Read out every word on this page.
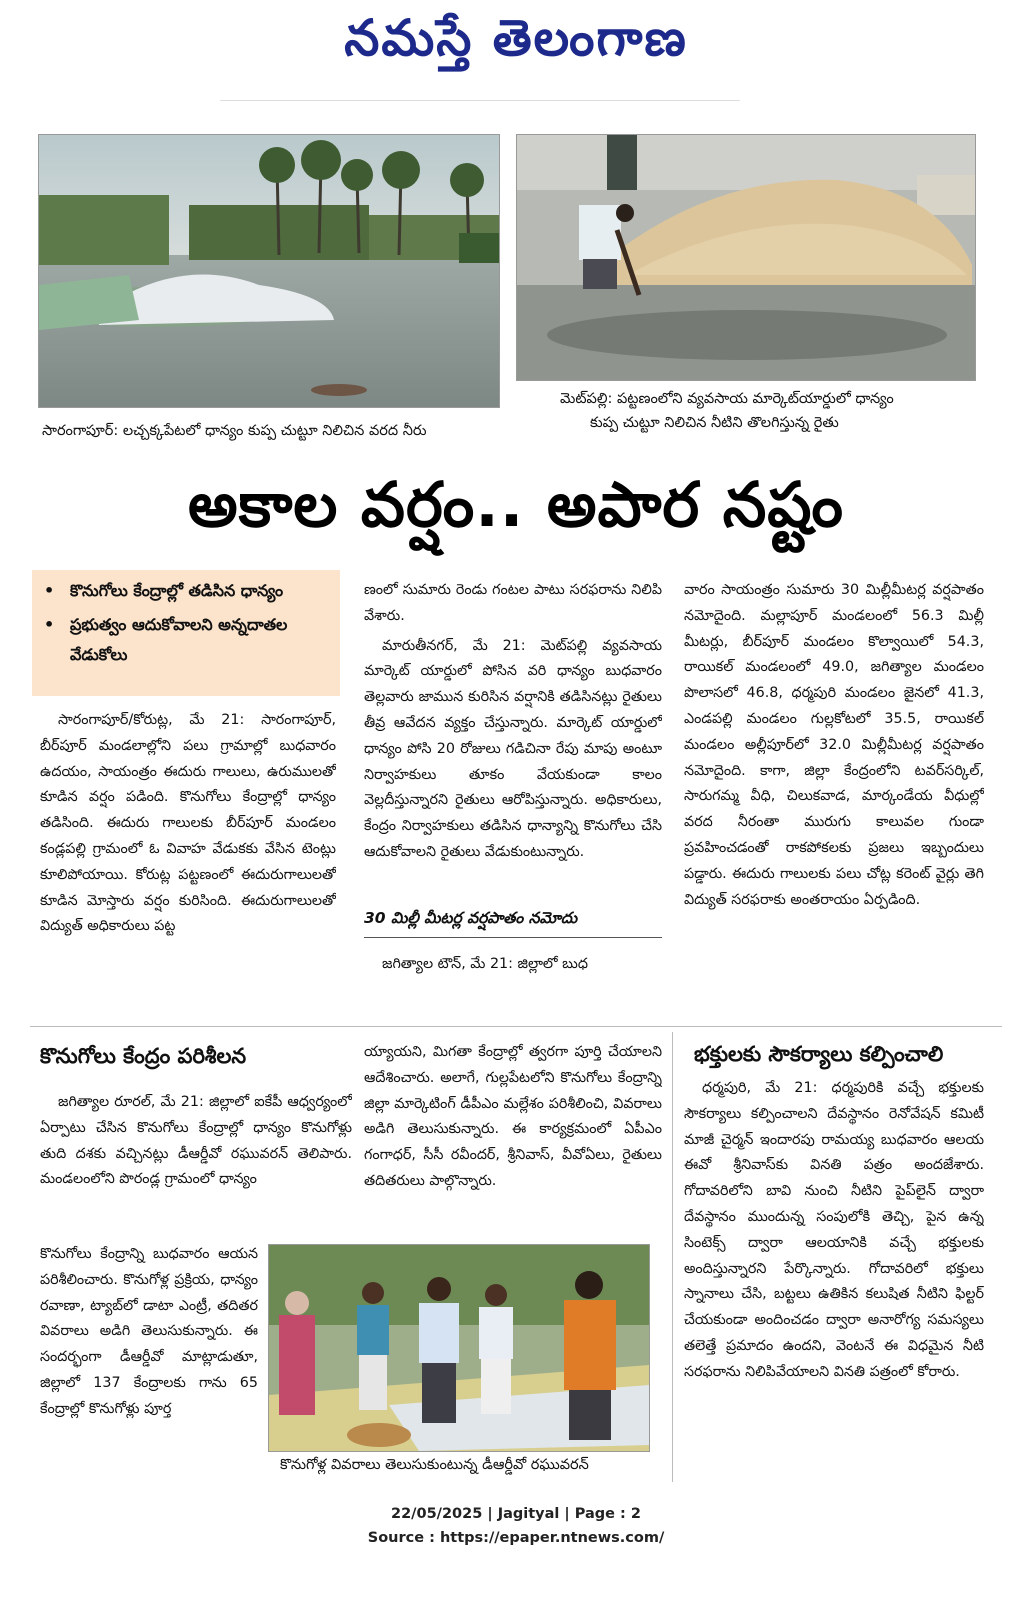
నమస్తే తెలంగాణ
సారంగాపూర్: లచ్చక్కపేటలో ధాన్యం కుప్ప చుట్టూ నిలిచిన వరద నీరు
మెట్‌పల్లి: పట్టణంలోని వ్యవసాయ మార్కెట్‌యార్డులో ధాన్యం
కుప్ప చుట్టూ నిలిచిన నీటిని తొలగిస్తున్న రైతు
అకాల వర్షం.. అపార నష్టం
• కొనుగోలు కేంద్రాల్లో తడిసిన ధాన్యం
• ప్రభుత్వం ఆదుకోవాలని అన్నదాతల వేడుకోలు

సారంగాపూర్/కోరుట్ల, మే 21: సారంగాపూర్, బీర్‌పూర్ మండలాల్లోని పలు గ్రామాల్లో బుధవారం ఉదయం, సాయంత్రం ఈదురు గాలులు, ఉరుములతో కూడిన వర్షం పడింది. కొనుగోలు కేంద్రాల్లో ధాన్యం తడిసింది. ఈదురు గాలులకు బీర్‌పూర్ మండలం కండ్లపల్లి గ్రామంలో ఓ వివాహ వేడుకకు వేసిన టెంట్లు కూలిపోయాయి. కోరుట్ల పట్టణంలో ఈదురుగాలులతో కూడిన మోస్తారు వర్షం కురిసింది. ఈదురుగాలులతో విద్యుత్ అధికారులు పట్ట

ణంలో సుమారు రెండు గంటల పాటు సరఫరాను నిలిపి వేశారు.

మారుతీనగర్, మే 21: మెట్‌పల్లి వ్యవసాయ మార్కెట్ యార్డులో పోసిన వరి ధాన్యం బుధవారం తెల్లవారు జామున కురిసిన వర్షానికి తడిసినట్లు రైతులు తీవ్ర ఆవేదన వ్యక్తం చేస్తున్నారు. మార్కెట్ యార్డులో ధాన్యం పోసి 20 రోజులు గడిచినా రేపు మాపు అంటూ నిర్వాహకులు తూకం వేయకుండా కాలం వెల్లదీస్తున్నారని రైతులు ఆరోపిస్తున్నారు. అధికారులు, కేంద్రం నిర్వాహకులు తడిసిన ధాన్యాన్ని కొనుగోలు చేసి ఆదుకోవాలని రైతులు వేడుకుంటున్నారు.

30 మిల్లీ మీటర్ల వర్షపాతం నమోదు

జగిత్యాల టౌన్, మే 21: జిల్లాలో బుధ

వారం సాయంత్రం సుమారు 30 మిల్లీమీటర్ల వర్షపాతం నమోదైంది. మల్లాపూర్ మండలంలో 56.3 మిల్లీ మీటర్లు, బీర్‌పూర్ మండలం కొల్వాయిలో 54.3, రాయికల్ మండలంలో 49.0, జగిత్యాల మండలం పొలాసలో 46.8, ధర్మపురి మండలం జైనలో 41.3, ఎండపల్లి మండలం గుల్లకోటలో 35.5, రాయికల్ మండలం అల్లీపూర్‌లో 32.0 మిల్లీమీటర్ల వర్షపాతం నమోదైంది. కాగా, జిల్లా కేంద్రంలోని టవర్‌సర్కిల్, సారుగమ్మ వీధి, చిలుకవాడ, మార్కండేయ వీధుల్లో వరద నీరంతా మురుగు కాలువల గుండా ప్రవహించడంతో రాకపోకలకు ప్రజలు ఇబ్బందులు పడ్డారు. ఈదురు గాలులకు పలు చోట్ల కరెంట్ వైర్లు తెగి విద్యుత్ సరఫరాకు అంతరాయం ఏర్పడింది.

కొనుగోలు కేంద్రం పరిశీలన

జగిత్యాల రూరల్, మే 21: జిల్లాలో ఐకేపీ ఆధ్వర్యంలో ఏర్పాటు చేసిన కొనుగోలు కేంద్రాల్లో ధాన్యం కొనుగోళ్లు తుది దశకు వచ్చినట్లు డీఆర్డీవో రఘువరన్ తెలిపారు. మండలంలోని పొరండ్ల గ్రామంలో ధాన్యం

కొనుగోలు కేంద్రాన్ని బుధవారం ఆయన పరిశీలించారు. కొనుగోళ్ల ప్రక్రియ, ధాన్యం రవాణా, ట్యాబ్‌లో డాటా ఎంట్రీ, తదితర వివరాలు అడిగి తెలుసుకున్నారు. ఈ సందర్భంగా డీఆర్డీవో మాట్లాడుతూ, జిల్లాలో 137 కేంద్రాలకు గాను 65 కేంద్రాల్లో కొనుగోళ్లు పూర్త

య్యాయని, మిగతా కేంద్రాల్లో త్వరగా పూర్తి చేయాలని ఆదేశించారు. అలాగే, గుల్లపేటలోని కొనుగోలు కేంద్రాన్ని జిల్లా మార్కెటింగ్ డీపీఎం మల్లేశం పరిశీలించి, వివరాలు అడిగి తెలుసుకున్నారు. ఈ కార్యక్రమంలో ఏపీఎం గంగాధర్, సీసీ రవీందర్, శ్రీనివాస్, వీవోఏలు, రైతులు తదితరులు పాల్గొన్నారు.

కొనుగోళ్ల వివరాలు తెలుసుకుంటున్న డీఆర్డీవో రఘువరన్
భక్తులకు సౌకర్యాలు కల్పించాలి

ధర్మపురి, మే 21: ధర్మపురికి వచ్చే భక్తులకు సౌకర్యాలు కల్పించాలని దేవస్థానం రెనోవేషన్ కమిటీ మాజీ చైర్మన్ ఇందారపు రామయ్య బుధవారం ఆలయ ఈవో శ్రీనివాస్‌కు వినతి పత్రం అందజేశారు. గోదావరిలోని బావి నుంచి నీటిని పైప్‌లైన్ ద్వారా దేవస్థానం ముందున్న సంపులోకి తెచ్చి, పైన ఉన్న సింటెక్స్ ద్వారా ఆలయానికి వచ్చే భక్తులకు అందిస్తున్నారని పేర్కొన్నారు. గోదావరిలో భక్తులు స్నానాలు చేసి, బట్టలు ఉతికిన కలుషిత నీటిని ఫిల్టర్ చేయకుండా అందించడం ద్వారా అనారోగ్య సమస్యలు తలెత్తే ప్రమాదం ఉందని, వెంటనే ఈ విధమైన నీటి సరఫరాను నిలిపివేయాలని వినతి పత్రంలో కోరారు.

22/05/2025 | Jagityal | Page : 2
Source : https://epaper.ntnews.com/
